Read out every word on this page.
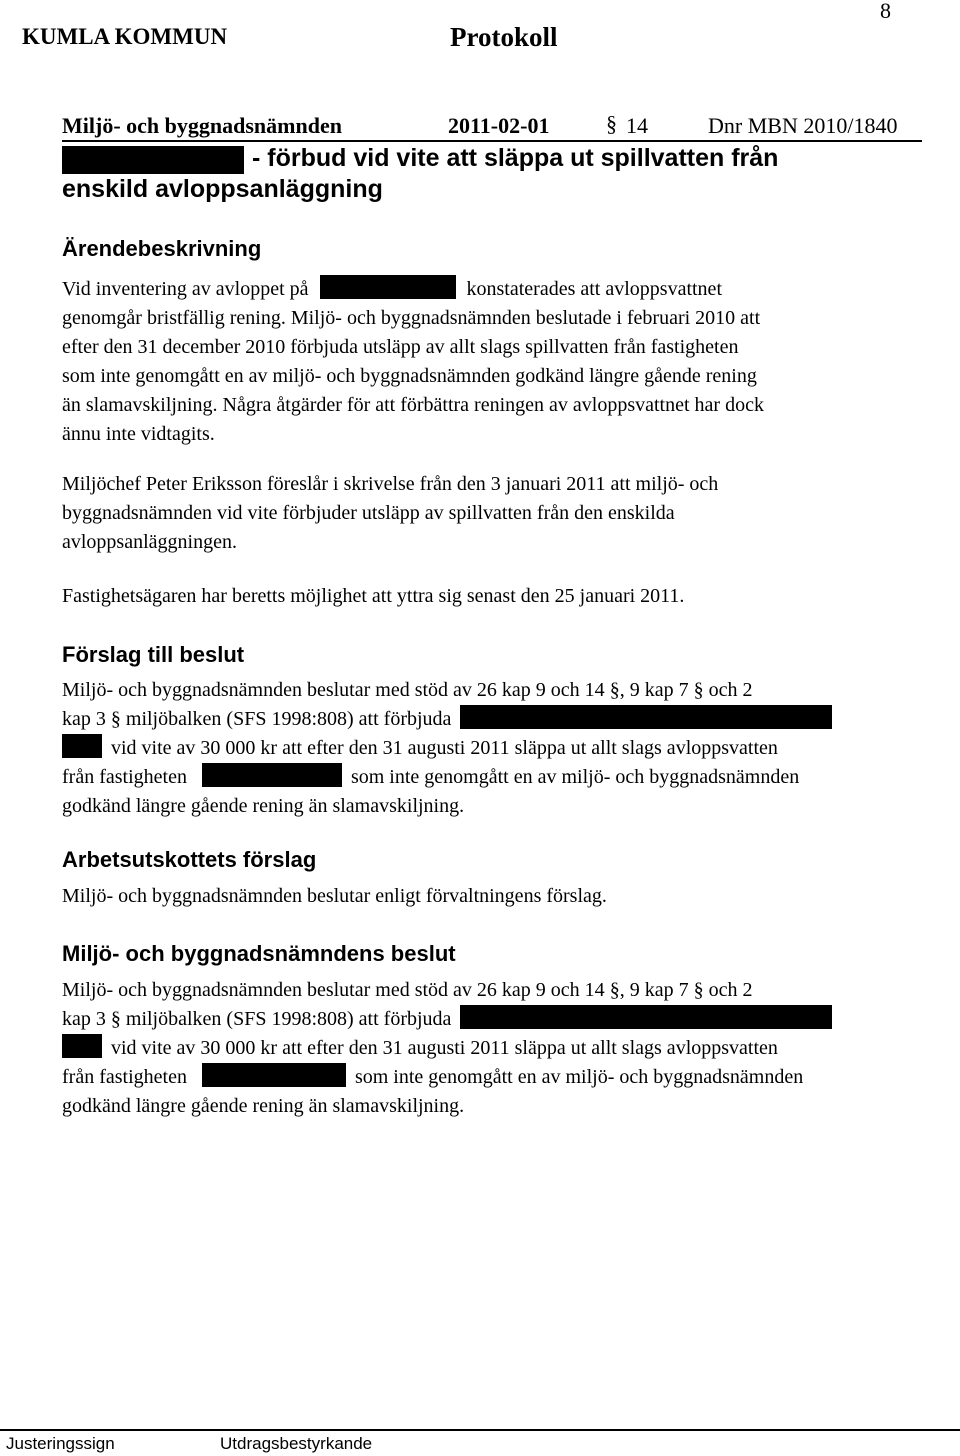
KUMLA KOMMUN	Protokoll
8
Miljö- och byggnadsnämnden	2011-02-01	§ 14	Dnr MBN 2010/1840
- förbud vid vite att släppa ut spillvatten från
enskild avloppsanläggning
Ärendebeskrivning
Vid inventering av avloppet på	konstaterades att avloppsvattnet
genomgår bristfällig rening. Miljö- och byggnadsnämnden beslutade i februari 2010 att
efter den 31 december 2010 förbjuda utsläpp av allt slags spillvatten från fastigheten
som inte genomgått en av miljö- och byggnadsnämnden godkänd längre gående rening
än slamavskiljning. Några åtgärder för att förbättra reningen av avloppsvattnet har dock
ännu inte vidtagits.
Miljöchef Peter Eriksson föreslår i skrivelse från den 3 januari 2011 att miljö- och
byggnadsnämnden vid vite förbjuder utsläpp av spillvatten från den enskilda
avloppsanläggningen.
Fastighetsägaren har beretts möjlighet att yttra sig senast den 25 januari 2011.
Förslag till beslut
Miljö- och byggnadsnämnden beslutar med stöd av 26 kap 9 och 14 §, 9 kap 7 § och 2
kap 3 § miljöbalken (SFS 1998:808) att förbjuda
vid vite av 30 000 kr att efter den 31 augusti 2011 släppa ut allt slags avloppsvatten
från fastigheten	som inte genomgått en av miljö- och byggnadsnämnden
godkänd längre gående rening än slamavskiljning.
Arbetsutskottets förslag
Miljö- och byggnadsnämnden beslutar enligt förvaltningens förslag.
Miljö- och byggnadsnämndens beslut
Miljö- och byggnadsnämnden beslutar med stöd av 26 kap 9 och 14 §, 9 kap 7 § och 2
kap 3 § miljöbalken (SFS 1998:808) att förbjuda
vid vite av 30 000 kr att efter den 31 augusti 2011 släppa ut allt slags avloppsvatten
från fastigheten	som inte genomgått en av miljö- och byggnadsnämnden
godkänd längre gående rening än slamavskiljning.
Justeringssign	Utdragsbestyrkande
